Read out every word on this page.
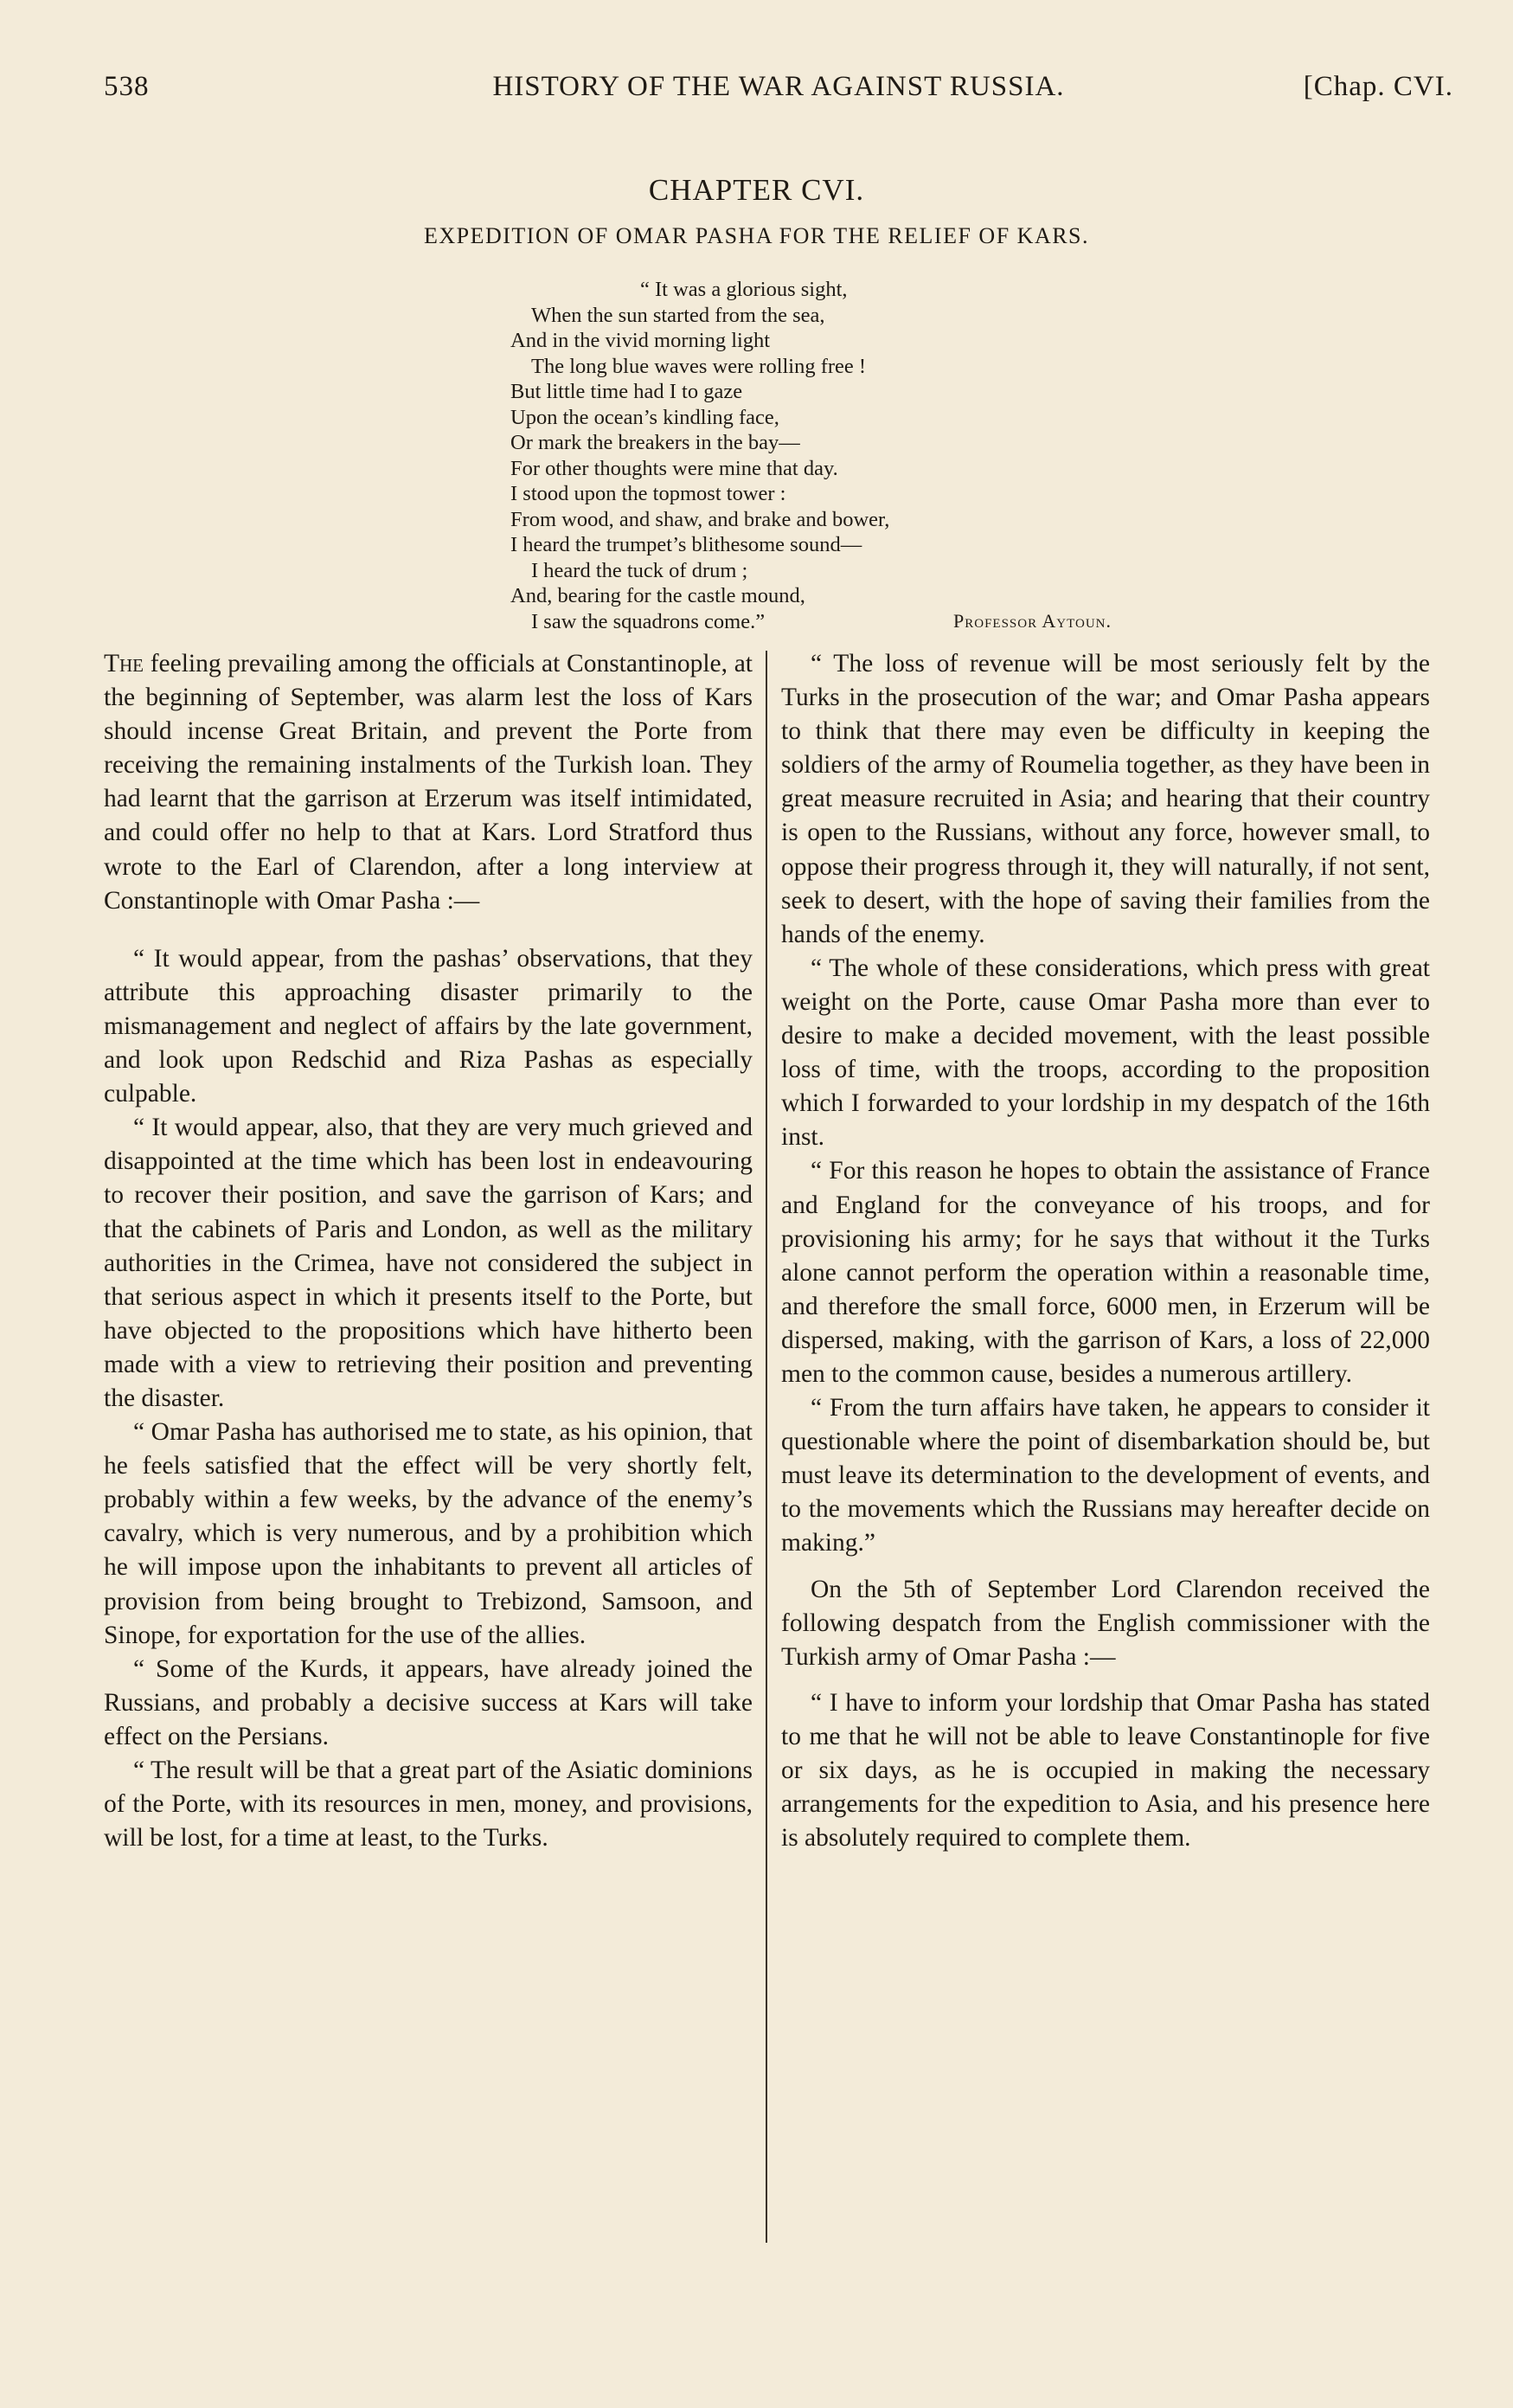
538	HISTORY OF THE WAR AGAINST RUSSIA.	[Chap. CVI.
CHAPTER CVI.
EXPEDITION OF OMAR PASHA FOR THE RELIEF OF KARS.
“ It was a glorious sight,
When the sun started from the sea,
And in the vivid morning light
The long blue waves were rolling free !
But little time had I to gaze
Upon the ocean’s kindling face,
Or mark the breakers in the bay—
For other thoughts were mine that day.
I stood upon the topmost tower :
From wood, and shaw, and brake and bower,
I heard the trumpet’s blithesome sound—
I heard the tuck of drum ;
And, bearing for the castle mound,
I saw the squadrons come.”	Professor Aytoun.

The feeling prevailing among the officials at Constantinople, at the beginning of September, was alarm lest the loss of Kars should incense Great Britain, and prevent the Porte from receiving the remaining instalments of the Turkish loan. They had learnt that the garrison at Erzerum was itself intimidated, and could offer no help to that at Kars. Lord Stratford thus wrote to the Earl of Clarendon, after a long interview at Constantinople with Omar Pasha :—

“ It would appear, from the pashas’ observations, that they attribute this approaching disaster primarily to the mismanagement and neglect of affairs by the late government, and look upon Redschid and Riza Pashas as especially culpable.

“ It would appear, also, that they are very much grieved and disappointed at the time which has been lost in endeavouring to recover their position, and save the garrison of Kars; and that the cabinets of Paris and London, as well as the military authorities in the Crimea, have not considered the subject in that serious aspect in which it presents itself to the Porte, but have objected to the propositions which have hitherto been made with a view to retrieving their position and preventing the disaster.

“ Omar Pasha has authorised me to state, as his opinion, that he feels satisfied that the effect will be very shortly felt, probably within a few weeks, by the advance of the enemy’s cavalry, which is very numerous, and by a prohibition which he will impose upon the inhabitants to prevent all articles of provision from being brought to Trebizond, Samsoon, and Sinope, for exportation for the use of the allies.

“ Some of the Kurds, it appears, have already joined the Russians, and probably a decisive success at Kars will take effect on the Persians.

“ The result will be that a great part of the Asiatic dominions of the Porte, with its resources in men, money, and provisions, will be lost, for a time at least, to the Turks.

“ The loss of revenue will be most seriously felt by the Turks in the prosecution of the war; and Omar Pasha appears to think that there may even be difficulty in keeping the soldiers of the army of Roumelia together, as they have been in great measure recruited in Asia; and hearing that their country is open to the Russians, without any force, however small, to oppose their progress through it, they will naturally, if not sent, seek to desert, with the hope of saving their families from the hands of the enemy.

“ The whole of these considerations, which press with great weight on the Porte, cause Omar Pasha more than ever to desire to make a decided movement, with the least possible loss of time, with the troops, according to the proposition which I forwarded to your lordship in my despatch of the 16th inst.

“ For this reason he hopes to obtain the assistance of France and England for the conveyance of his troops, and for provisioning his army; for he says that without it the Turks alone cannot perform the operation within a reasonable time, and therefore the small force, 6000 men, in Erzerum will be dispersed, making, with the garrison of Kars, a loss of 22,000 men to the common cause, besides a numerous artillery.

“ From the turn affairs have taken, he appears to consider it questionable where the point of disembarkation should be, but must leave its determination to the development of events, and to the movements which the Russians may hereafter decide on making.”

On the 5th of September Lord Clarendon received the following despatch from the English commissioner with the Turkish army of Omar Pasha :—

“ I have to inform your lordship that Omar Pasha has stated to me that he will not be able to leave Constantinople for five or six days, as he is occupied in making the necessary arrangements for the expedition to Asia, and his presence here is absolutely required to complete them.
